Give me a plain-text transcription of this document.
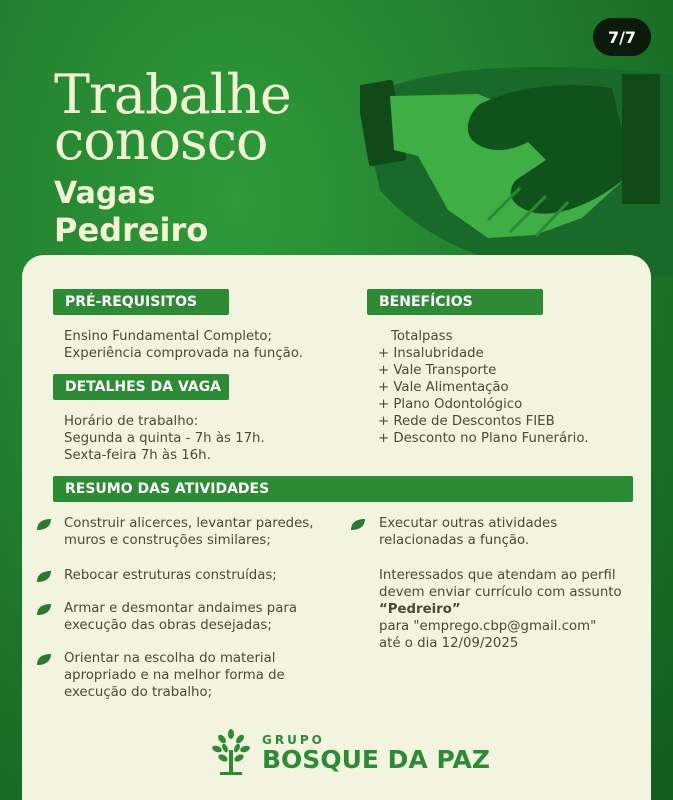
7/7
Trabalhe
conosco
Vagas
Pedreiro
PRÉ-REQUISITOS
Ensino Fundamental Completo;
Experiência comprovada na função.
DETALHES DA VAGA
Horário de trabalho:
Segunda a quinta - 7h às 17h.
Sexta-feira 7h às 16h.
BENEFÍCIOS
Totalpass
+ Insalubridade
+ Vale Transporte
+ Vale Alimentação
+ Plano Odontológico
+ Rede de Descontos FIEB
+ Desconto no Plano Funerário.
RESUMO DAS ATIVIDADES
Construir alicerces, levantar paredes,
muros e construções similares;
Rebocar estruturas construídas;
Armar e desmontar andaimes para
execução das obras desejadas;
Orientar na escolha do material
apropriado e na melhor forma de
execução do trabalho;
Executar outras atividades
relacionadas a função.
Interessados que atendam ao perfil
devem enviar currículo com assunto
“Pedreiro”
para "emprego.cbp@gmail.com"
até o dia 12/09/2025
GRUPO
BOSQUE DA PAZ
